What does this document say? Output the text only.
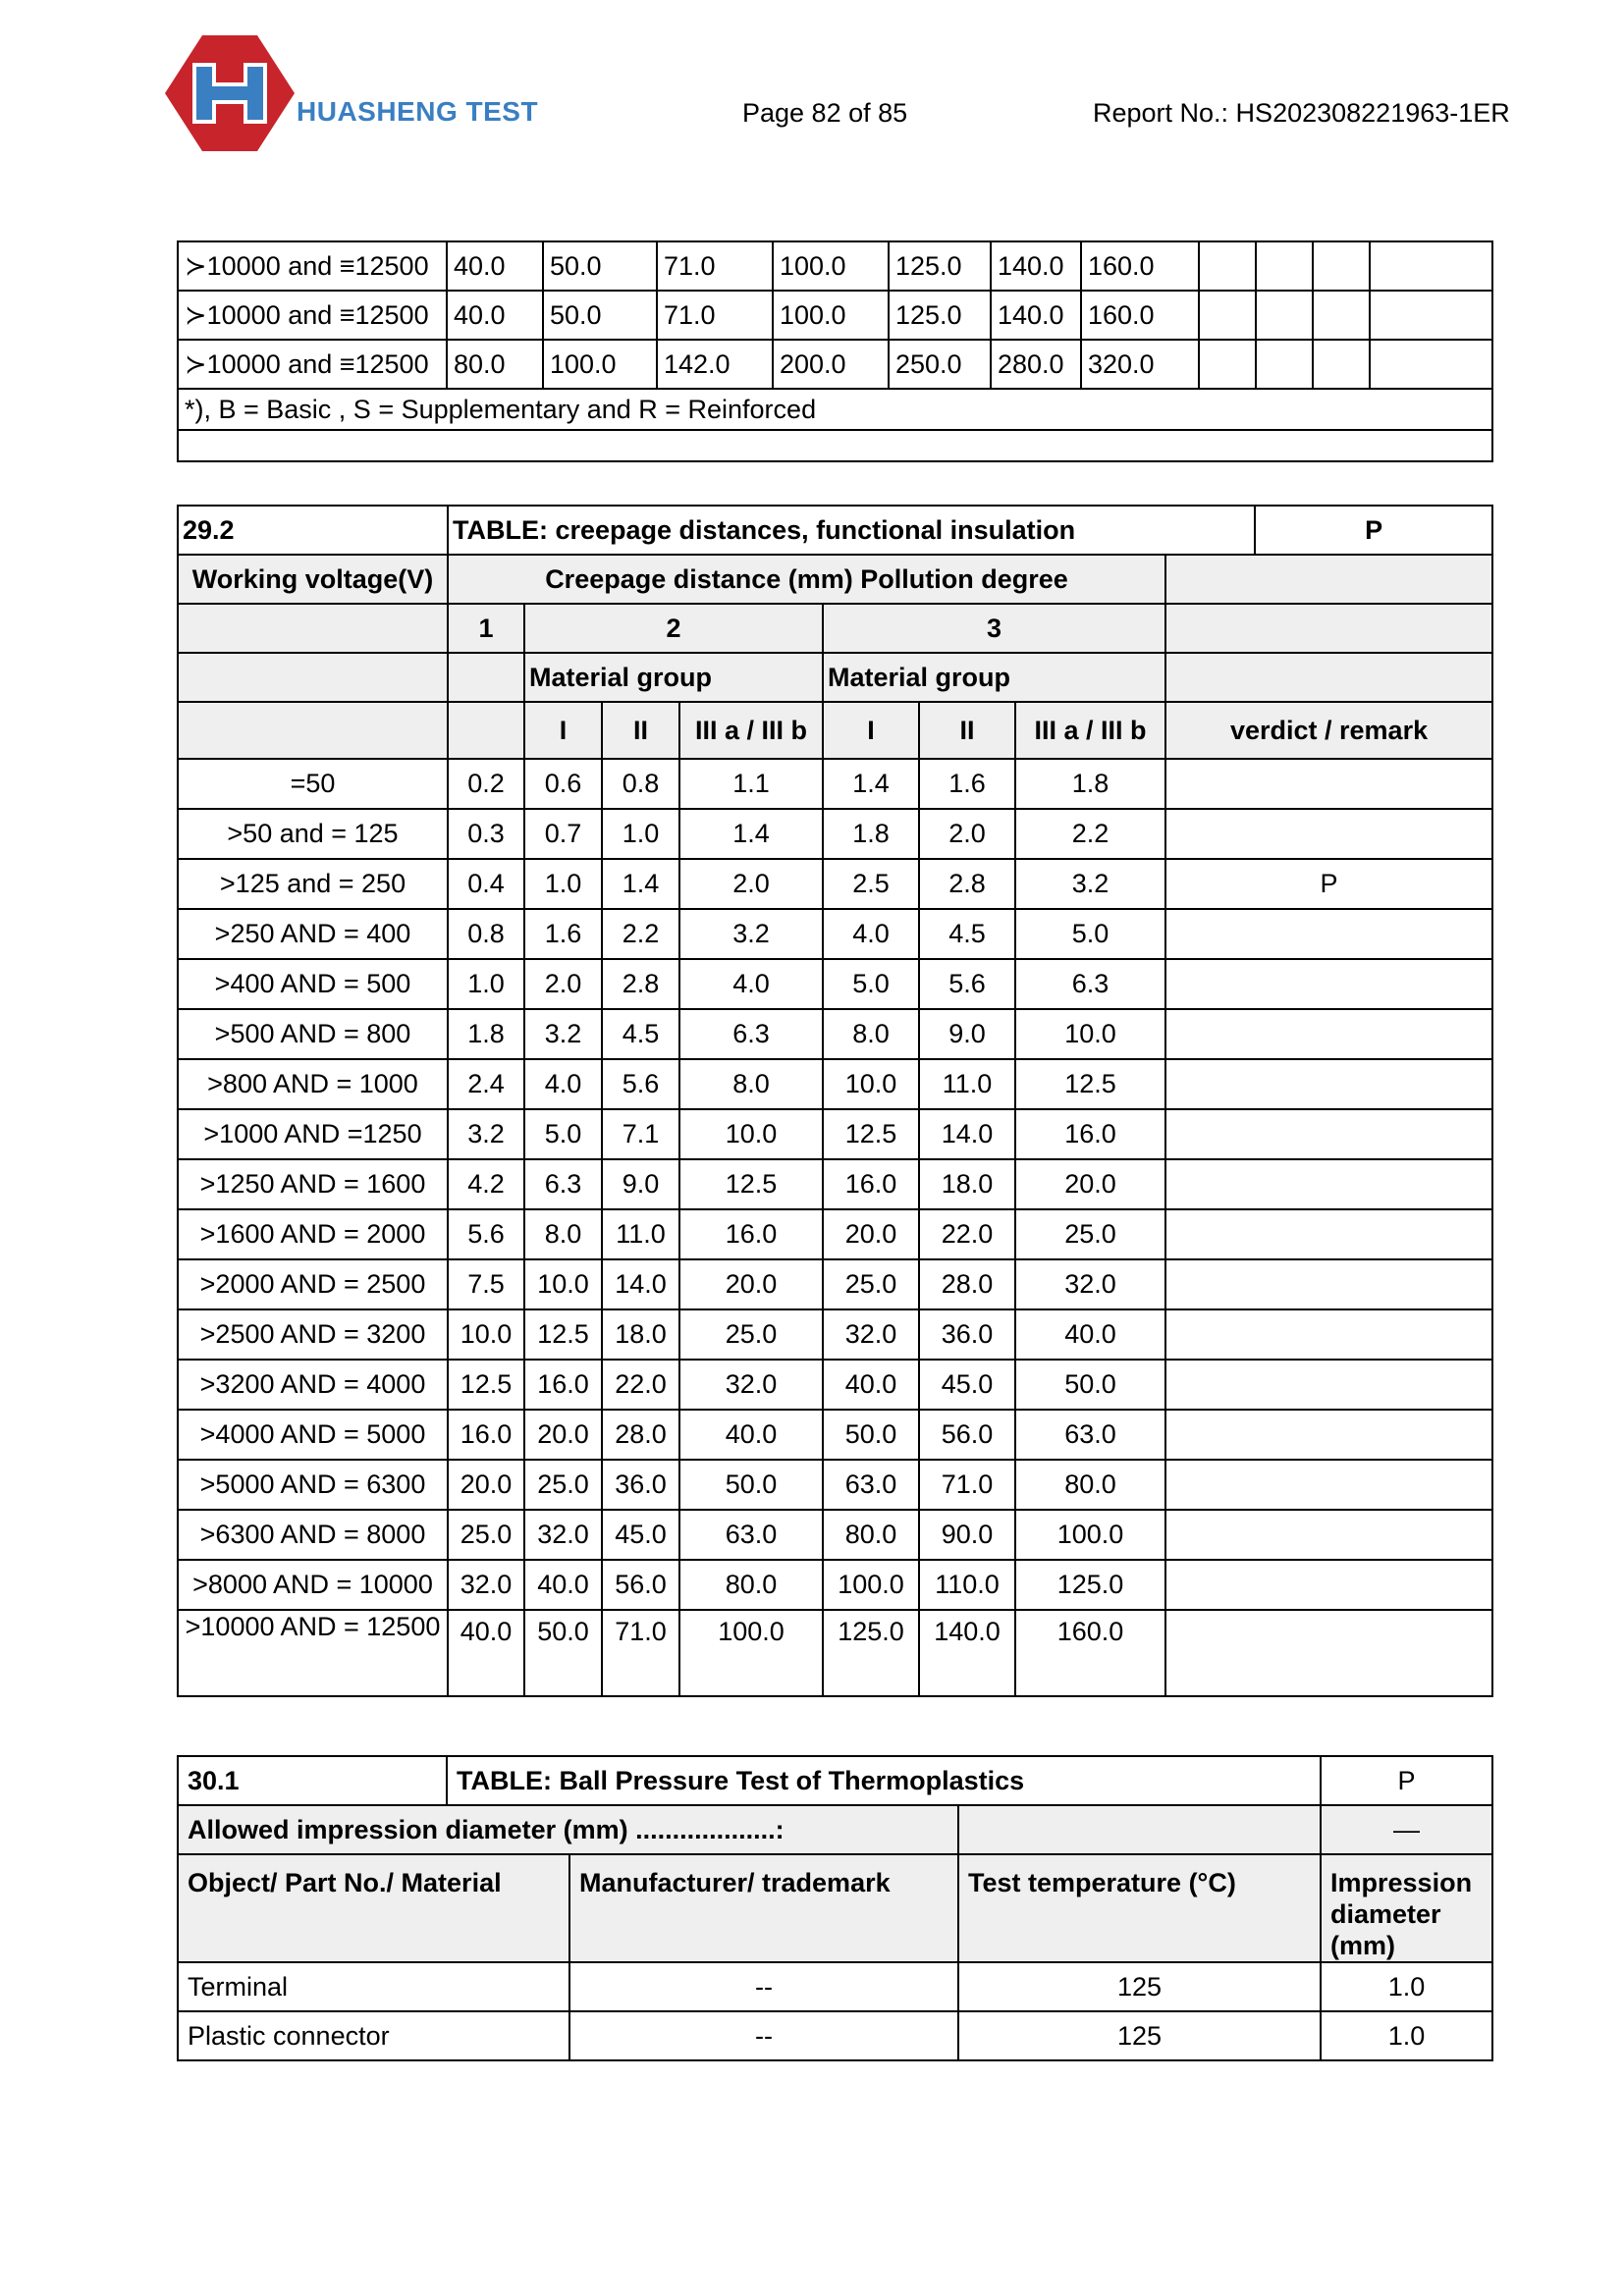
HUASHENG TEST	Page 82 of 85	Report No.: HS202308221963-1ER
≻10000 and ≡12500	40.0	50.0	71.0	100.0	125.0	140.0	160.0				
≻10000 and ≡12500	40.0	50.0	71.0	100.0	125.0	140.0	160.0				
≻10000 and ≡12500	80.0	100.0	142.0	200.0	250.0	280.0	320.0				
*), B = Basic , S = Supplementary and R = Reinforced											

29.2	TABLE: creepage distances, functional insulation								P
Working voltage(V)	Creepage distance (mm) Pollution degree								
	1	2			3				
		Material group			Material group				
		I	II	III a / III b	I	II	III a / III b	verdict / remark	
=50	0.2	0.6	0.8	1.1	1.4	1.6	1.8		
>50 and = 125	0.3	0.7	1.0	1.4	1.8	2.0	2.2		
>125 and = 250	0.4	1.0	1.4	2.0	2.5	2.8	3.2	P	
>250 AND = 400	0.8	1.6	2.2	3.2	4.0	4.5	5.0		
>400 AND = 500	1.0	2.0	2.8	4.0	5.0	5.6	6.3		
>500 AND = 800	1.8	3.2	4.5	6.3	8.0	9.0	10.0		
>800 AND = 1000	2.4	4.0	5.6	8.0	10.0	11.0	12.5		
>1000 AND =1250	3.2	5.0	7.1	10.0	12.5	14.0	16.0		
>1250 AND = 1600	4.2	6.3	9.0	12.5	16.0	18.0	20.0		
>1600 AND = 2000	5.6	8.0	11.0	16.0	20.0	22.0	25.0		
>2000 AND = 2500	7.5	10.0	14.0	20.0	25.0	28.0	32.0		
>2500 AND = 3200	10.0	12.5	18.0	25.0	32.0	36.0	40.0		
>3200 AND = 4000	12.5	16.0	22.0	32.0	40.0	45.0	50.0		
>4000 AND = 5000	16.0	20.0	28.0	40.0	50.0	56.0	63.0		
>5000 AND = 6300	20.0	25.0	36.0	50.0	63.0	71.0	80.0		
>6300 AND = 8000	25.0	32.0	45.0	63.0	80.0	90.0	100.0		
>8000 AND = 10000	32.0	40.0	56.0	80.0	100.0	110.0	125.0		
>10000 AND = 12500	40.0	50.0	71.0	100.0	125.0	140.0	160.0		
30.1	TABLE: Ball Pressure Test of Thermoplastics			P
Allowed impression diameter (mm) ...................:				—
Object/ Part No./ Material		Manufacturer/ trademark	Test temperature (°C)	Impression diameter (mm)
Terminal		--	125	1.0
Plastic connector		--	125	1.0
